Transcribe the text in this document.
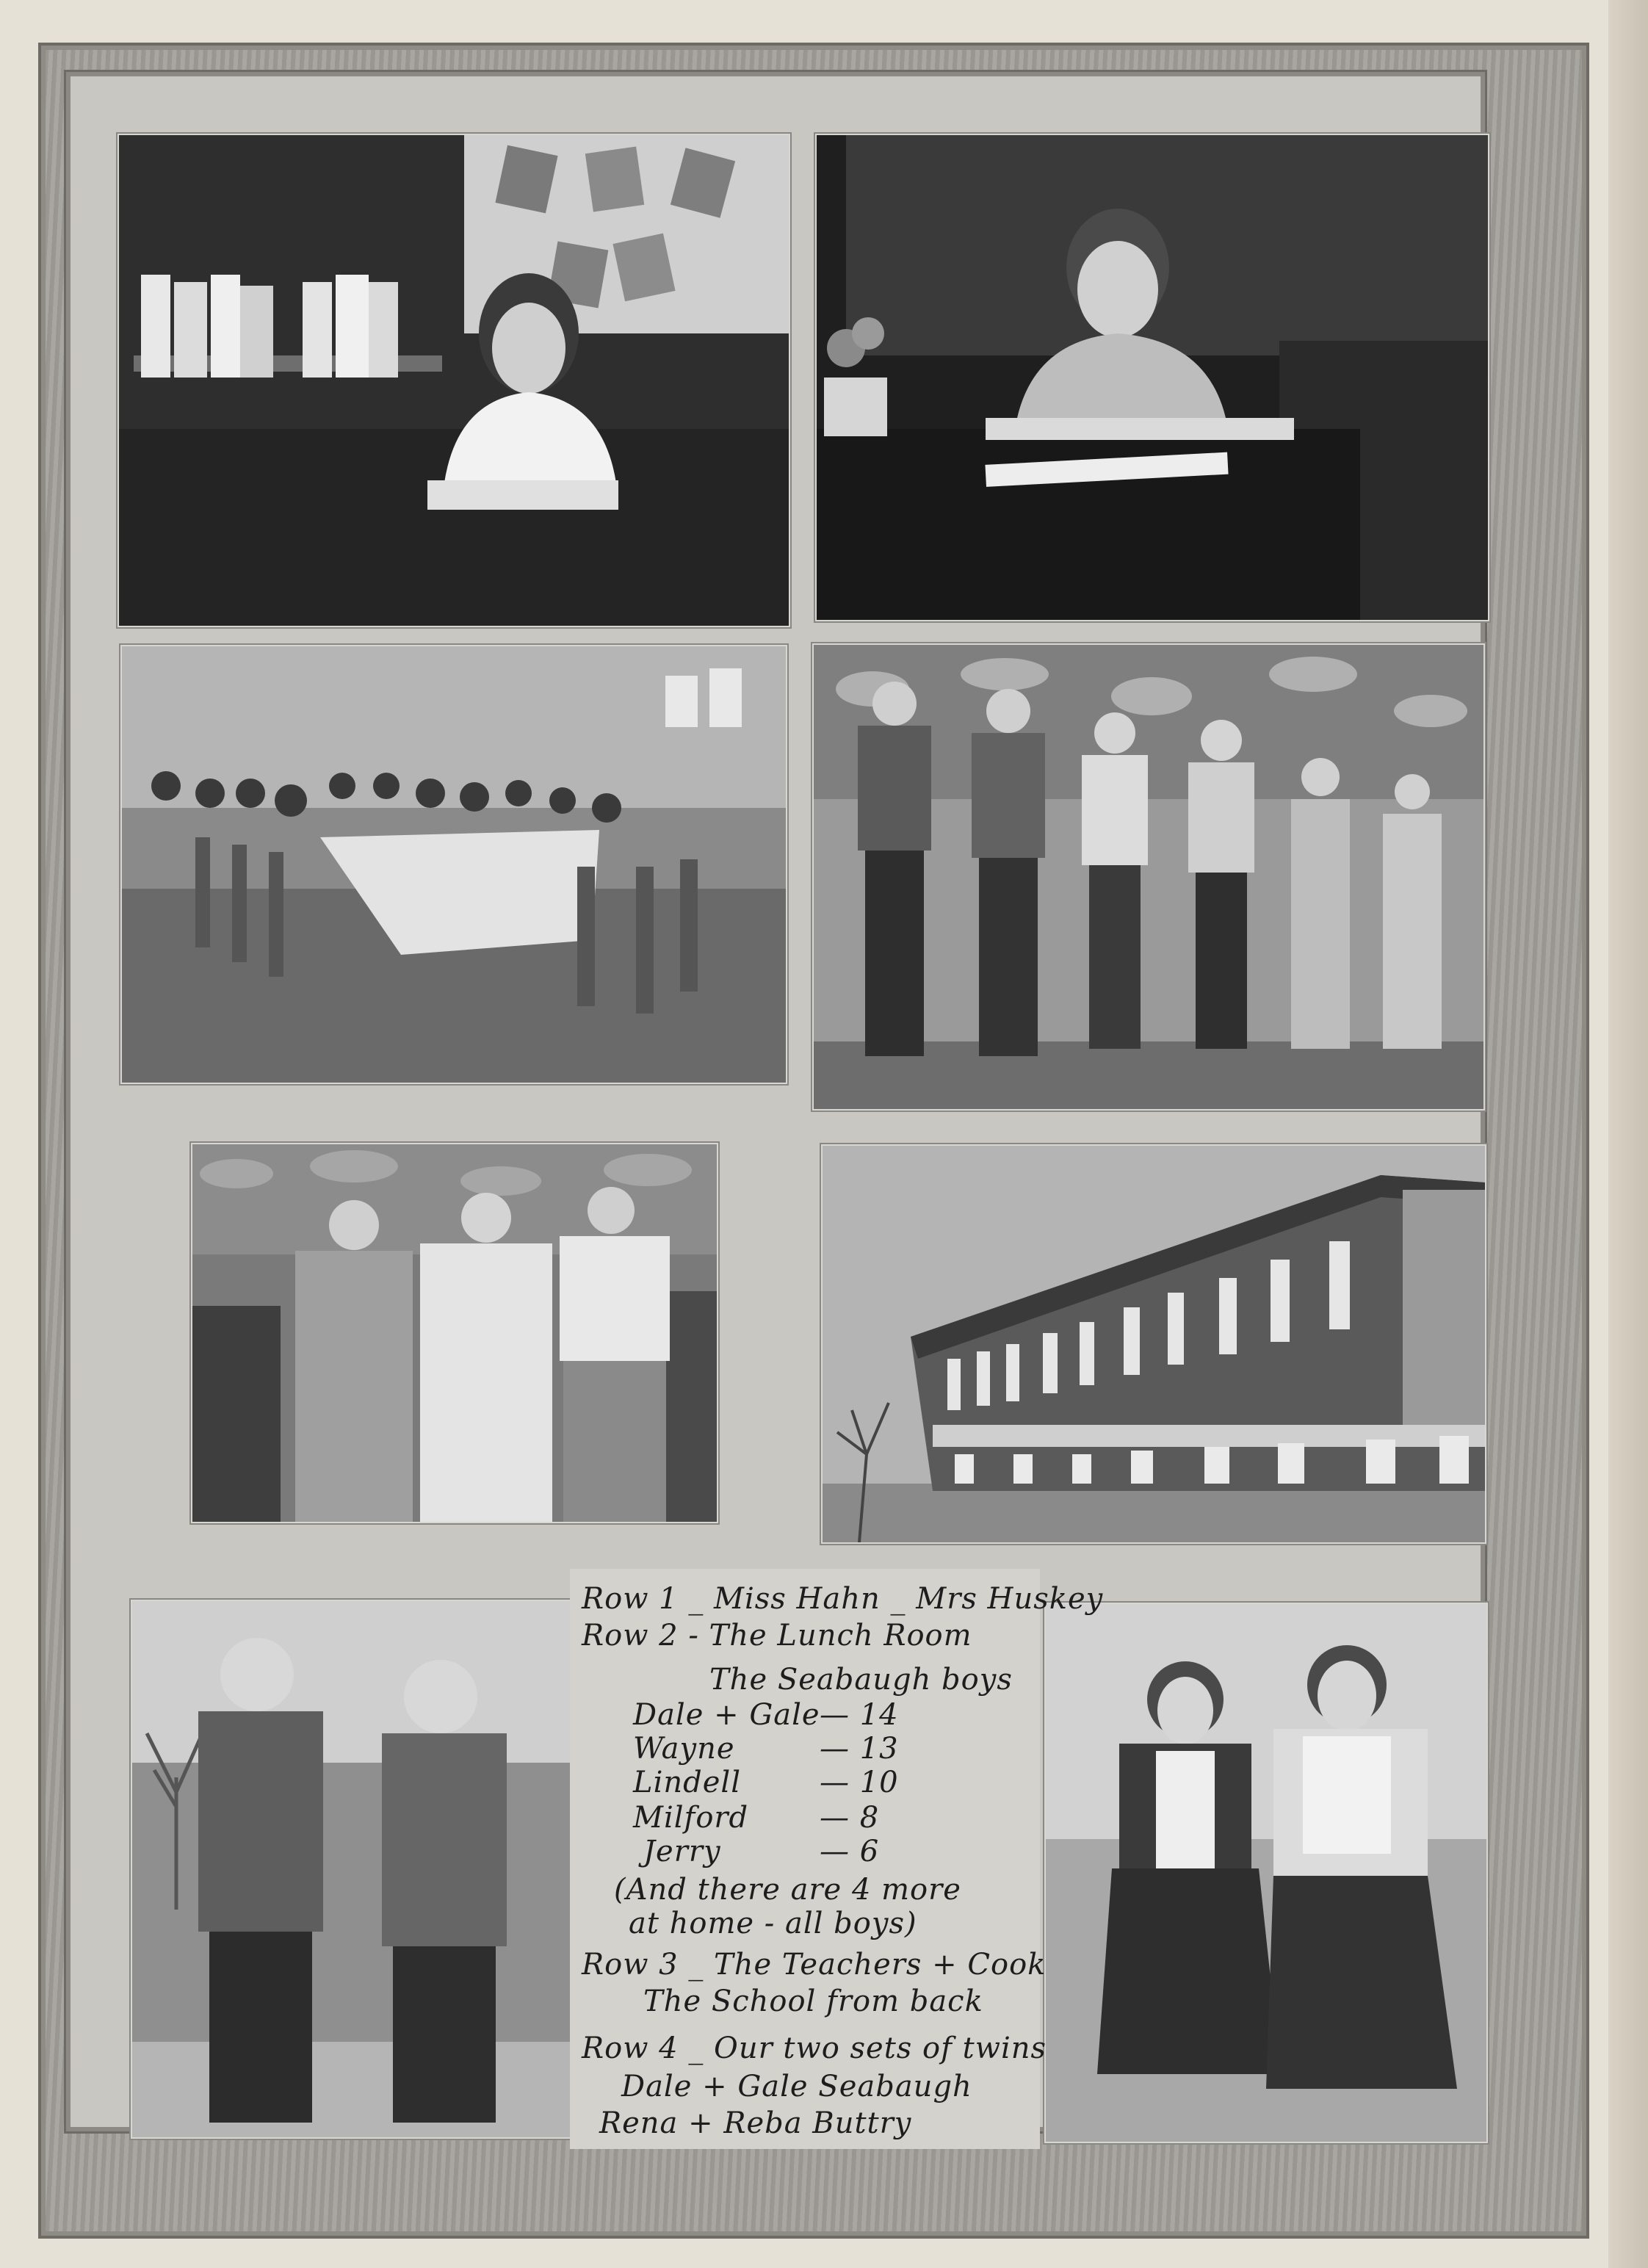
Row 1 _ Miss Hahn _ Mrs Huskey
Row 2 - The Lunch Room
The Seabaugh boys
Dale + Gale — 14
Wayne	— 13
Lindell	— 10
Milford — 8
Jerry	— 6
(And there are 4 more
at home - all boys)
Row 3 _ The Teachers + Cook
The School from back
Row 4 _ Our two sets of twins
Dale + Gale Seabaugh
Rena + Reba Buttry
